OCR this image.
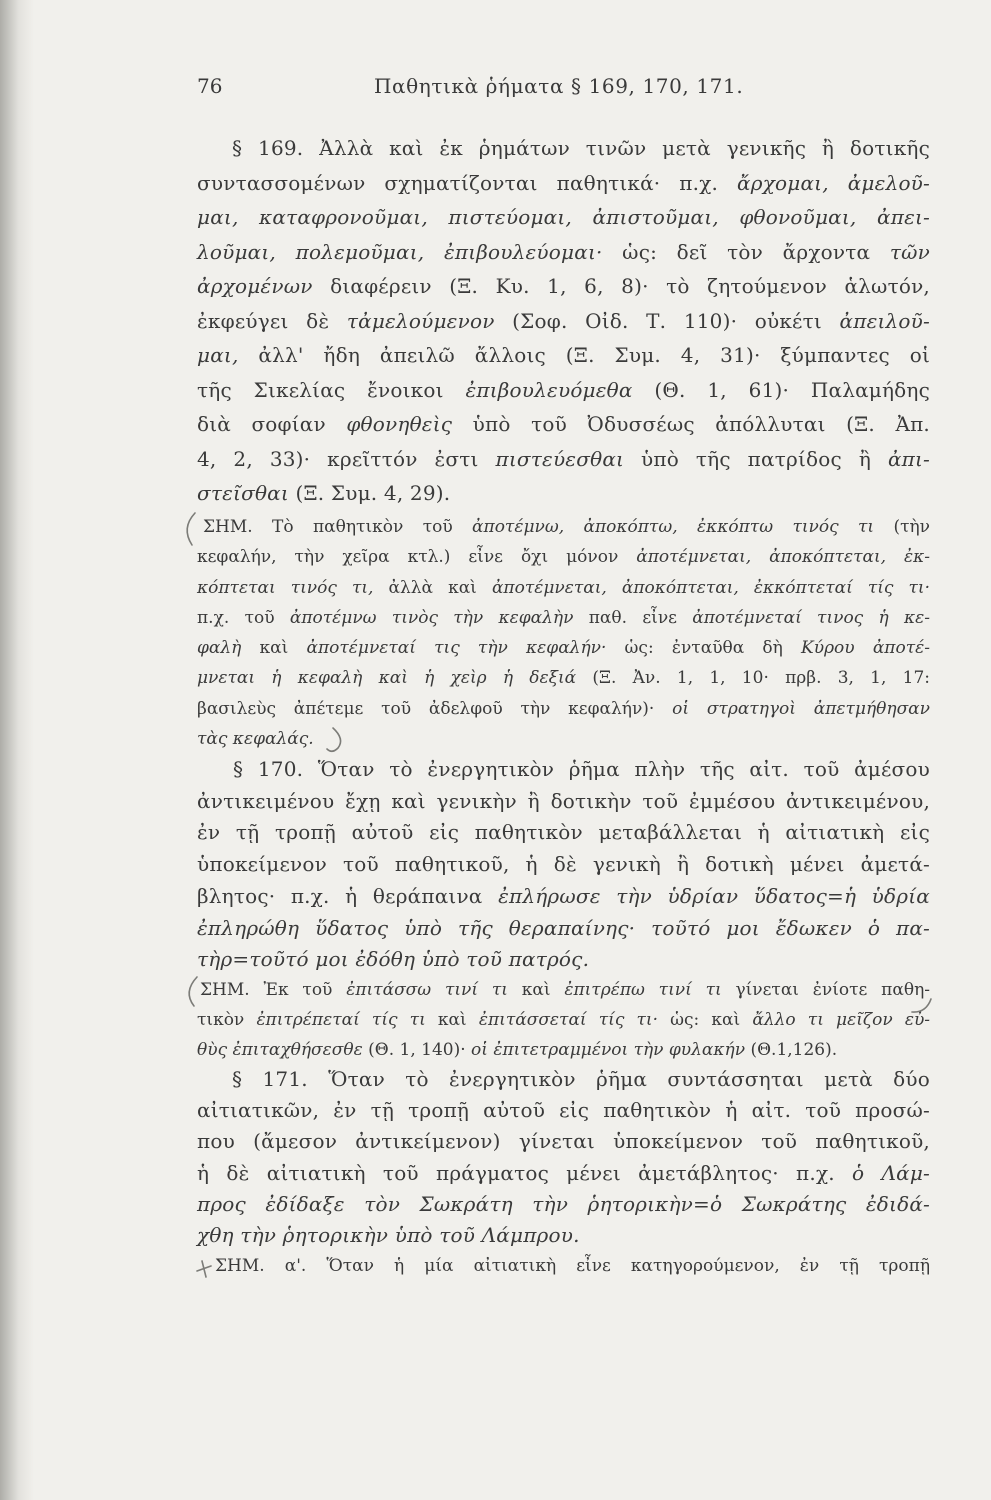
76	Παθητικὰ ῥήματα § 169, 170, 171.
§ 169. Ἀλλὰ καὶ ἐκ ῥημάτων τινῶν μετὰ γενικῆς ἢ δοτικῆς
συντασσομένων σχηματίζονται παθητικά· π.χ. ἄρχομαι, ἀμελοῦ-
μαι, καταφρονοῦμαι, πιστεύομαι, ἀπιστοῦμαι, φθονοῦμαι, ἀπει-
λοῦμαι, πολεμοῦμαι, ἐπιβουλεύομαι· ὡς: δεῖ τὸν ἄρχοντα τῶν
ἀρχομένων διαφέρειν (Ξ. Κυ. 1, 6, 8)· τὸ ζητούμενον ἁλωτόν,
ἐκφεύγει δὲ τἀμελούμενον (Σοφ. Οἰδ. Τ. 110)· οὐκέτι ἀπειλοῦ-
μαι, ἀλλ' ἤδη ἀπειλῶ ἄλλοις (Ξ. Συμ. 4, 31)· ξύμπαντες οἱ
τῆς Σικελίας ἔνοικοι ἐπιβουλευόμεθα (Θ. 1, 61)· Παλαμήδης
διὰ σοφίαν φθονηθεὶς ὑπὸ τοῦ Ὀδυσσέως ἀπόλλυται (Ξ. Ἀπ.
4, 2, 33)· κρεῖττόν ἐστι πιστεύεσθαι ὑπὸ τῆς πατρίδος ἢ ἀπι-
στεῖσθαι (Ξ. Συμ. 4, 29).
ΣΗΜ. Τὸ παθητικὸν τοῦ ἀποτέμνω, ἀποκόπτω, ἐκκόπτω τινός τι (τὴν
κεφαλήν, τὴν χεῖρα κτλ.) εἶνε ὄχι μόνον ἀποτέμνεται, ἀποκόπτεται, ἐκ-
κόπτεται τινός τι, ἀλλὰ καὶ ἀποτέμνεται, ἀποκόπτεται, ἐκκόπτεταί τίς τι·
π.χ. τοῦ ἀποτέμνω τινὸς τὴν κεφαλὴν παθ. εἶνε ἀποτέμνεταί τινος ἡ κε-
φαλὴ καὶ ἀποτέμνεταί τις τὴν κεφαλήν· ὡς: ἐνταῦθα δὴ Κύρου ἀποτέ-
μνεται ἡ κεφαλὴ καὶ ἡ χεὶρ ἡ δεξιά (Ξ. Ἀν. 1, 1, 10· πρβ. 3, 1, 17:
βασιλεὺς ἀπέτεμε τοῦ ἀδελφοῦ τὴν κεφαλήν)· οἱ στρατηγοὶ ἀπετμήθησαν
τὰς κεφαλάς.
§ 170. Ὅταν τὸ ἐνεργητικὸν ῥῆμα πλὴν τῆς αἰτ. τοῦ ἀμέσου
ἀντικειμένου ἔχῃ καὶ γενικὴν ἢ δοτικὴν τοῦ ἐμμέσου ἀντικειμένου,
ἐν τῇ τροπῇ αὐτοῦ εἰς παθητικὸν μεταβάλλεται ἡ αἰτιατικὴ εἰς
ὑποκείμενον τοῦ παθητικοῦ, ἡ δὲ γενικὴ ἢ δοτικὴ μένει ἀμετά-
βλητος· π.χ. ἡ θεράπαινα ἐπλήρωσε τὴν ὑδρίαν ὕδατος=ἡ ὑδρία
ἐπληρώθη ὕδατος ὑπὸ τῆς θεραπαίνης· τοῦτό μοι ἔδωκεν ὁ πα-
τὴρ=τοῦτό μοι ἐδόθη ὑπὸ τοῦ πατρός.
ΣΗΜ. Ἐκ τοῦ ἐπιτάσσω τινί τι καὶ ἐπιτρέπω τινί τι γίνεται ἐνίοτε παθη-
τικὸν ἐπιτρέπεταί τίς τι καὶ ἐπιτάσσεταί τίς τι· ὡς: καὶ ἄλλο τι μεῖζον εὐ-
θὺς ἐπιταχθήσεσθε (Θ. 1, 140)· οἱ ἐπιτετραμμένοι τὴν φυλακήν (Θ.1,126).
§ 171. Ὅταν τὸ ἐνεργητικὸν ῥῆμα συντάσσηται μετὰ δύο
αἰτιατικῶν, ἐν τῇ τροπῇ αὐτοῦ εἰς παθητικὸν ἡ αἰτ. τοῦ προσώ-
που (ἄμεσον ἀντικείμενον) γίνεται ὑποκείμενον τοῦ παθητικοῦ,
ἡ δὲ αἰτιατικὴ τοῦ πράγματος μένει ἀμετάβλητος· π.χ. ὁ Λάμ-
προς ἐδίδαξε τὸν Σωκράτη τὴν ῥητορικὴν=ὁ Σωκράτης ἐδιδά-
χθη τὴν ῥητορικὴν ὑπὸ τοῦ Λάμπρου.
ΣΗΜ. α'. Ὅταν ἡ μία αἰτιατικὴ εἶνε κατηγορούμενον, ἐν τῇ τροπῇ
